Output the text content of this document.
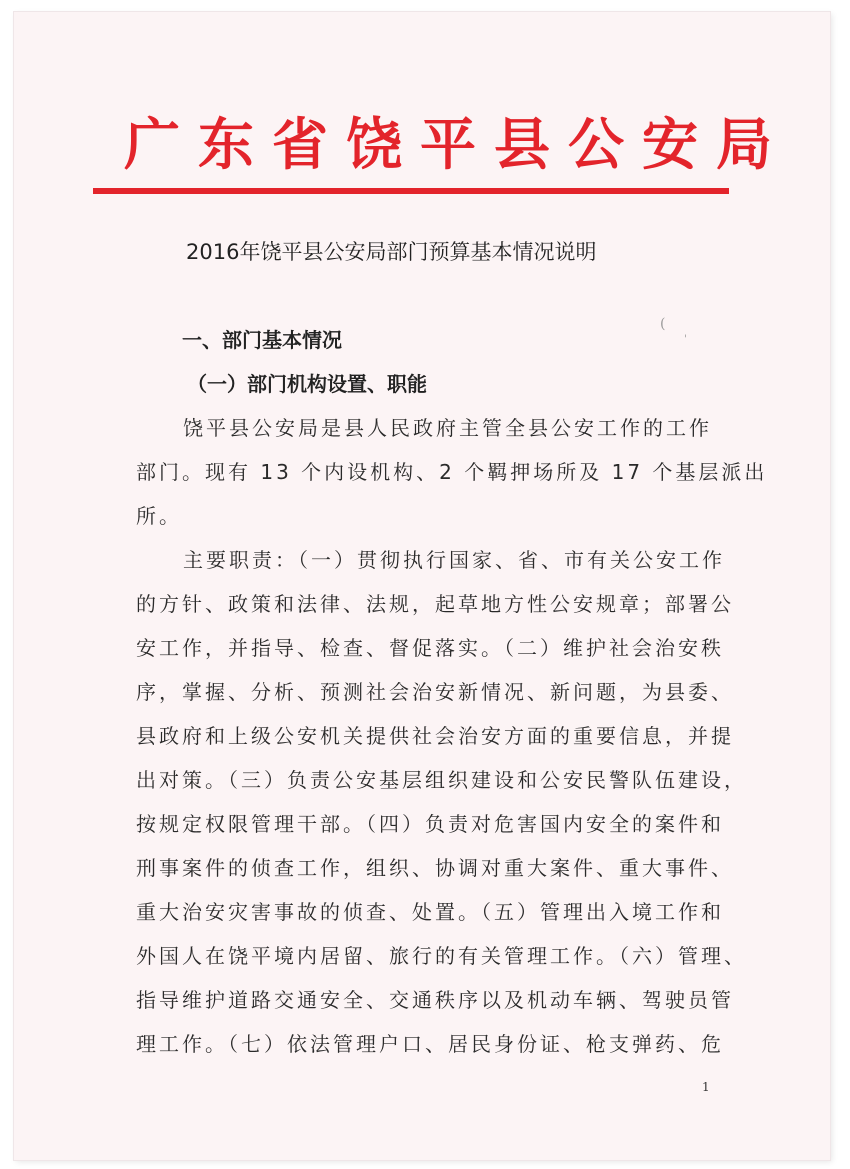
广东省饶平县公安局
2016年饶平县公安局部门预算基本情况说明
一、部门基本情况
（一）部门机构设置、职能
饶平县公安局是县人民政府主管全县公安工作的工作
部门。现有 13 个内设机构、2 个羁押场所及 17 个基层派出
所。
主要职责：（一）贯彻执行国家、省、市有关公安工作
的方针、政策和法律、法规，起草地方性公安规章；部署公
安工作，并指导、检查、督促落实。（二）维护社会治安秩
序，掌握、分析、预测社会治安新情况、新问题，为县委、
县政府和上级公安机关提供社会治安方面的重要信息，并提
出对策。（三）负责公安基层组织建设和公安民警队伍建设，
按规定权限管理干部。（四）负责对危害国内安全的案件和
刑事案件的侦查工作，组织、协调对重大案件、重大事件、
重大治安灾害事故的侦查、处置。（五）管理出入境工作和
外国人在饶平境内居留、旅行的有关管理工作。（六）管理、
指导维护道路交通安全、交通秩序以及机动车辆、驾驶员管
理工作。（七）依法管理户口、居民身份证、枪支弹药、危
1
(
'
